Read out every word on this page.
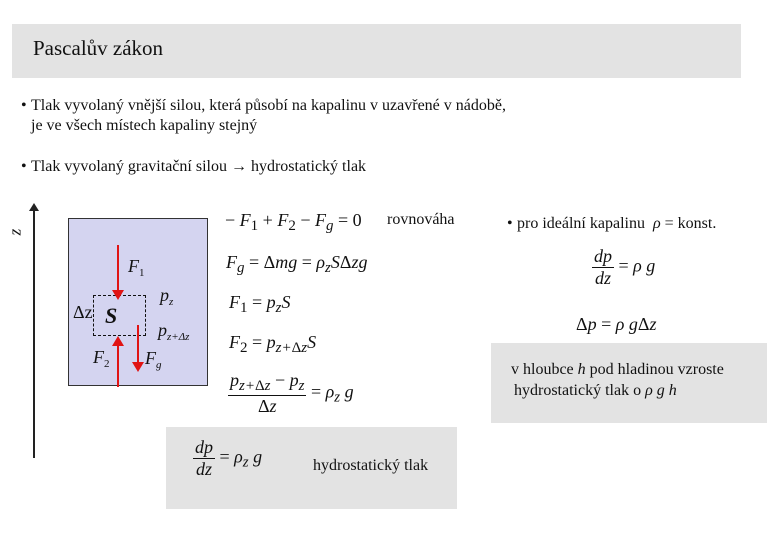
Pascalův zákon
• Tlak vyvolaný vnější silou, která působí na kapalinu v uzavřené v nádobě,
je ve všech místech kapaliny stejný
• Tlak vyvolaný gravitační silou → hydrostatický tlak
z
$F_1$
$p_z$
Δz S
$p_{z+\Delta z}$
$F_2$ $F_g$
− $F_1 + F_2 - F_g = 0$ rovnováha
$F_g = \Delta mg = \rho_zS\Delta zg$
$F_1 = p_zS$
$F_2 = p_{z+\Delta z}S$
$\frac{p_{z+\Delta z} - p_z}{\Delta z} = \rho_z$ g
$\frac{dp}{dz} = \rho_z$ g	hydrostatický tlak
• pro ideální kapalinu  ρ = konst.
$\frac{dp}{dz} = \rho$ g
Δp = ρ gΔz
v hloubce h pod hladinou vzroste
hydrostatický tlak o ρ g h
